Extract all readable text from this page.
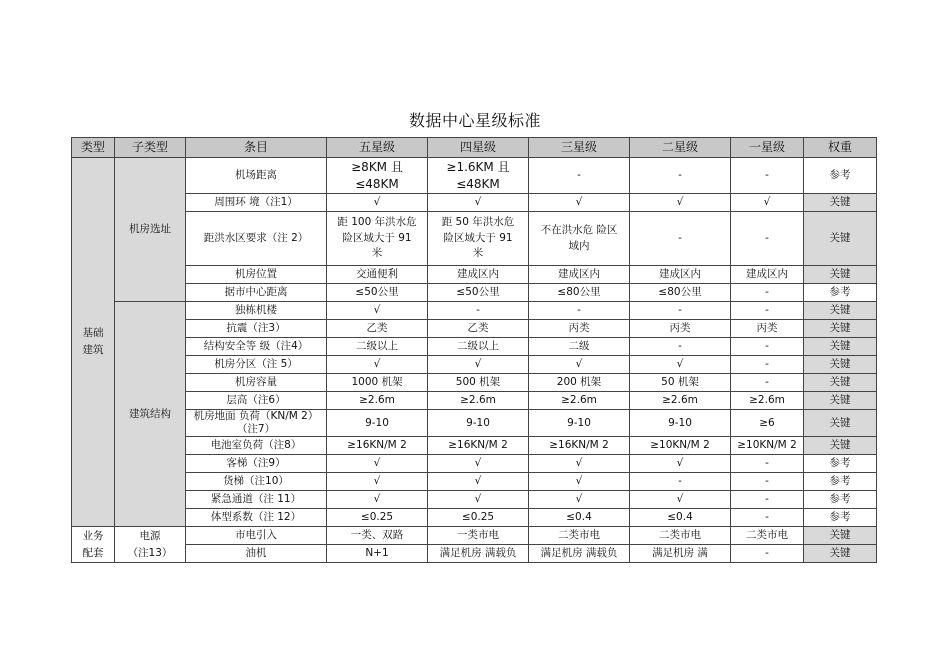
数据中心星级标准
类型	子类型	条目	五星级	四星级	三星级	二星级	一星级	权重
基础
建筑	机房选址	机场距离	≥8KM 且
≤48KM	≥1.6KM 且
≤48KM	-	-	-	参考
		周围环 境（注1）	√	√	√	√	√	关键
		距洪水区要求（注 2）	距 100 年洪水危
险区域大于 91
米	距 50 年洪水危
险区域大于 91
米	不在洪水危 险区
域内	-	-	关键
		机房位置	交通便利	建成区内	建成区内	建成区内	建成区内	关键
		据市中心距离	≤50公里	≤50公里	≤80公里	≤80公里	-	参考
	建筑结构	独栋机楼	√	-	-	-	-	关键
		抗震（注3）	乙类	乙类	丙类	丙类	丙类	关键
		结构安全等 级（注4）	二级以上	二级以上	二级	-	-	关键
		机房分区（注 5）	√	√	√	√	-	关键
		机房容量	1000 机架	500 机架	200 机架	50 机架	-	关键
		层高（注6）	≥2.6m	≥2.6m	≥2.6m	≥2.6m	≥2.6m	关键
		机房地面 负荷（KN/M 2）（注7）	9-10	9-10	9-10	9-10	≥6	关键
		电池室负荷（注8）	≥16KN/M 2	≥16KN/M 2	≥16KN/M 2	≥10KN/M 2	≥10KN/M 2	关键
		客梯（注9）	√	√	√	√	-	参考
		货梯（注10）	√	√	√	-	-	参考
		紧急通道（注 11）	√	√	√	√	-	参考
		体型系数（注 12）	≤0.25	≤0.25	≤0.4	≤0.4	-	参考
业务
配套	电源
（注13）	市电引入	一类、双路	一类市电	二类市电	二类市电	二类市电	关键
		油机	N+1	满足机房 满载负	满足机房 满载负	满足机房 满	-	关键
